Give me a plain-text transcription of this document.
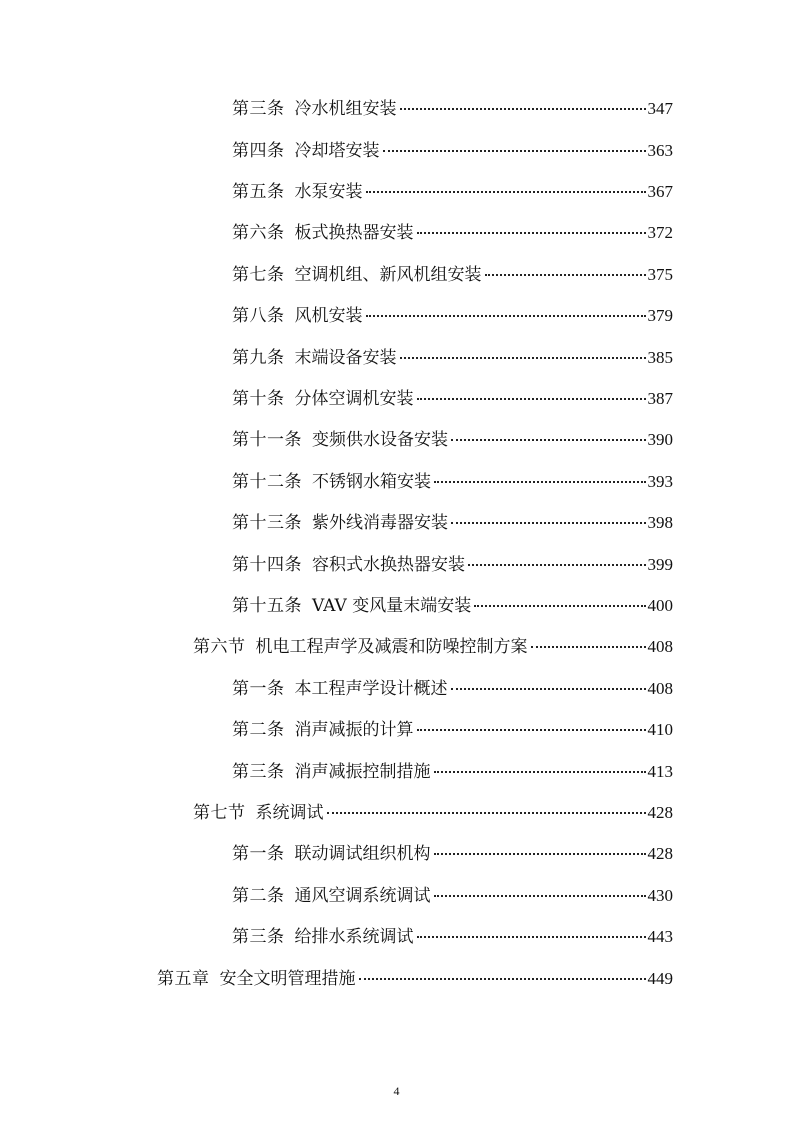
第三条 冷水机组安装	347
第四条 冷却塔安装	363
第五条 水泵安装	367
第六条 板式换热器安装	372
第七条 空调机组、新风机组安装	375
第八条 风机安装	379
第九条 末端设备安装	385
第十条 分体空调机安装	387
第十一条 变频供水设备安装	390
第十二条 不锈钢水箱安装	393
第十三条 紫外线消毒器安装	398
第十四条 容积式水换热器安装	399
第十五条 VAV 变风量末端安装	400
第六节 机电工程声学及减震和防噪控制方案	408
第一条 本工程声学设计概述	408
第二条 消声减振的计算	410
第三条 消声减振控制措施	413
第七节 系统调试	428
第一条 联动调试组织机构	428
第二条 通风空调系统调试	430
第三条 给排水系统调试	443
第五章 安全文明管理措施	449
4
